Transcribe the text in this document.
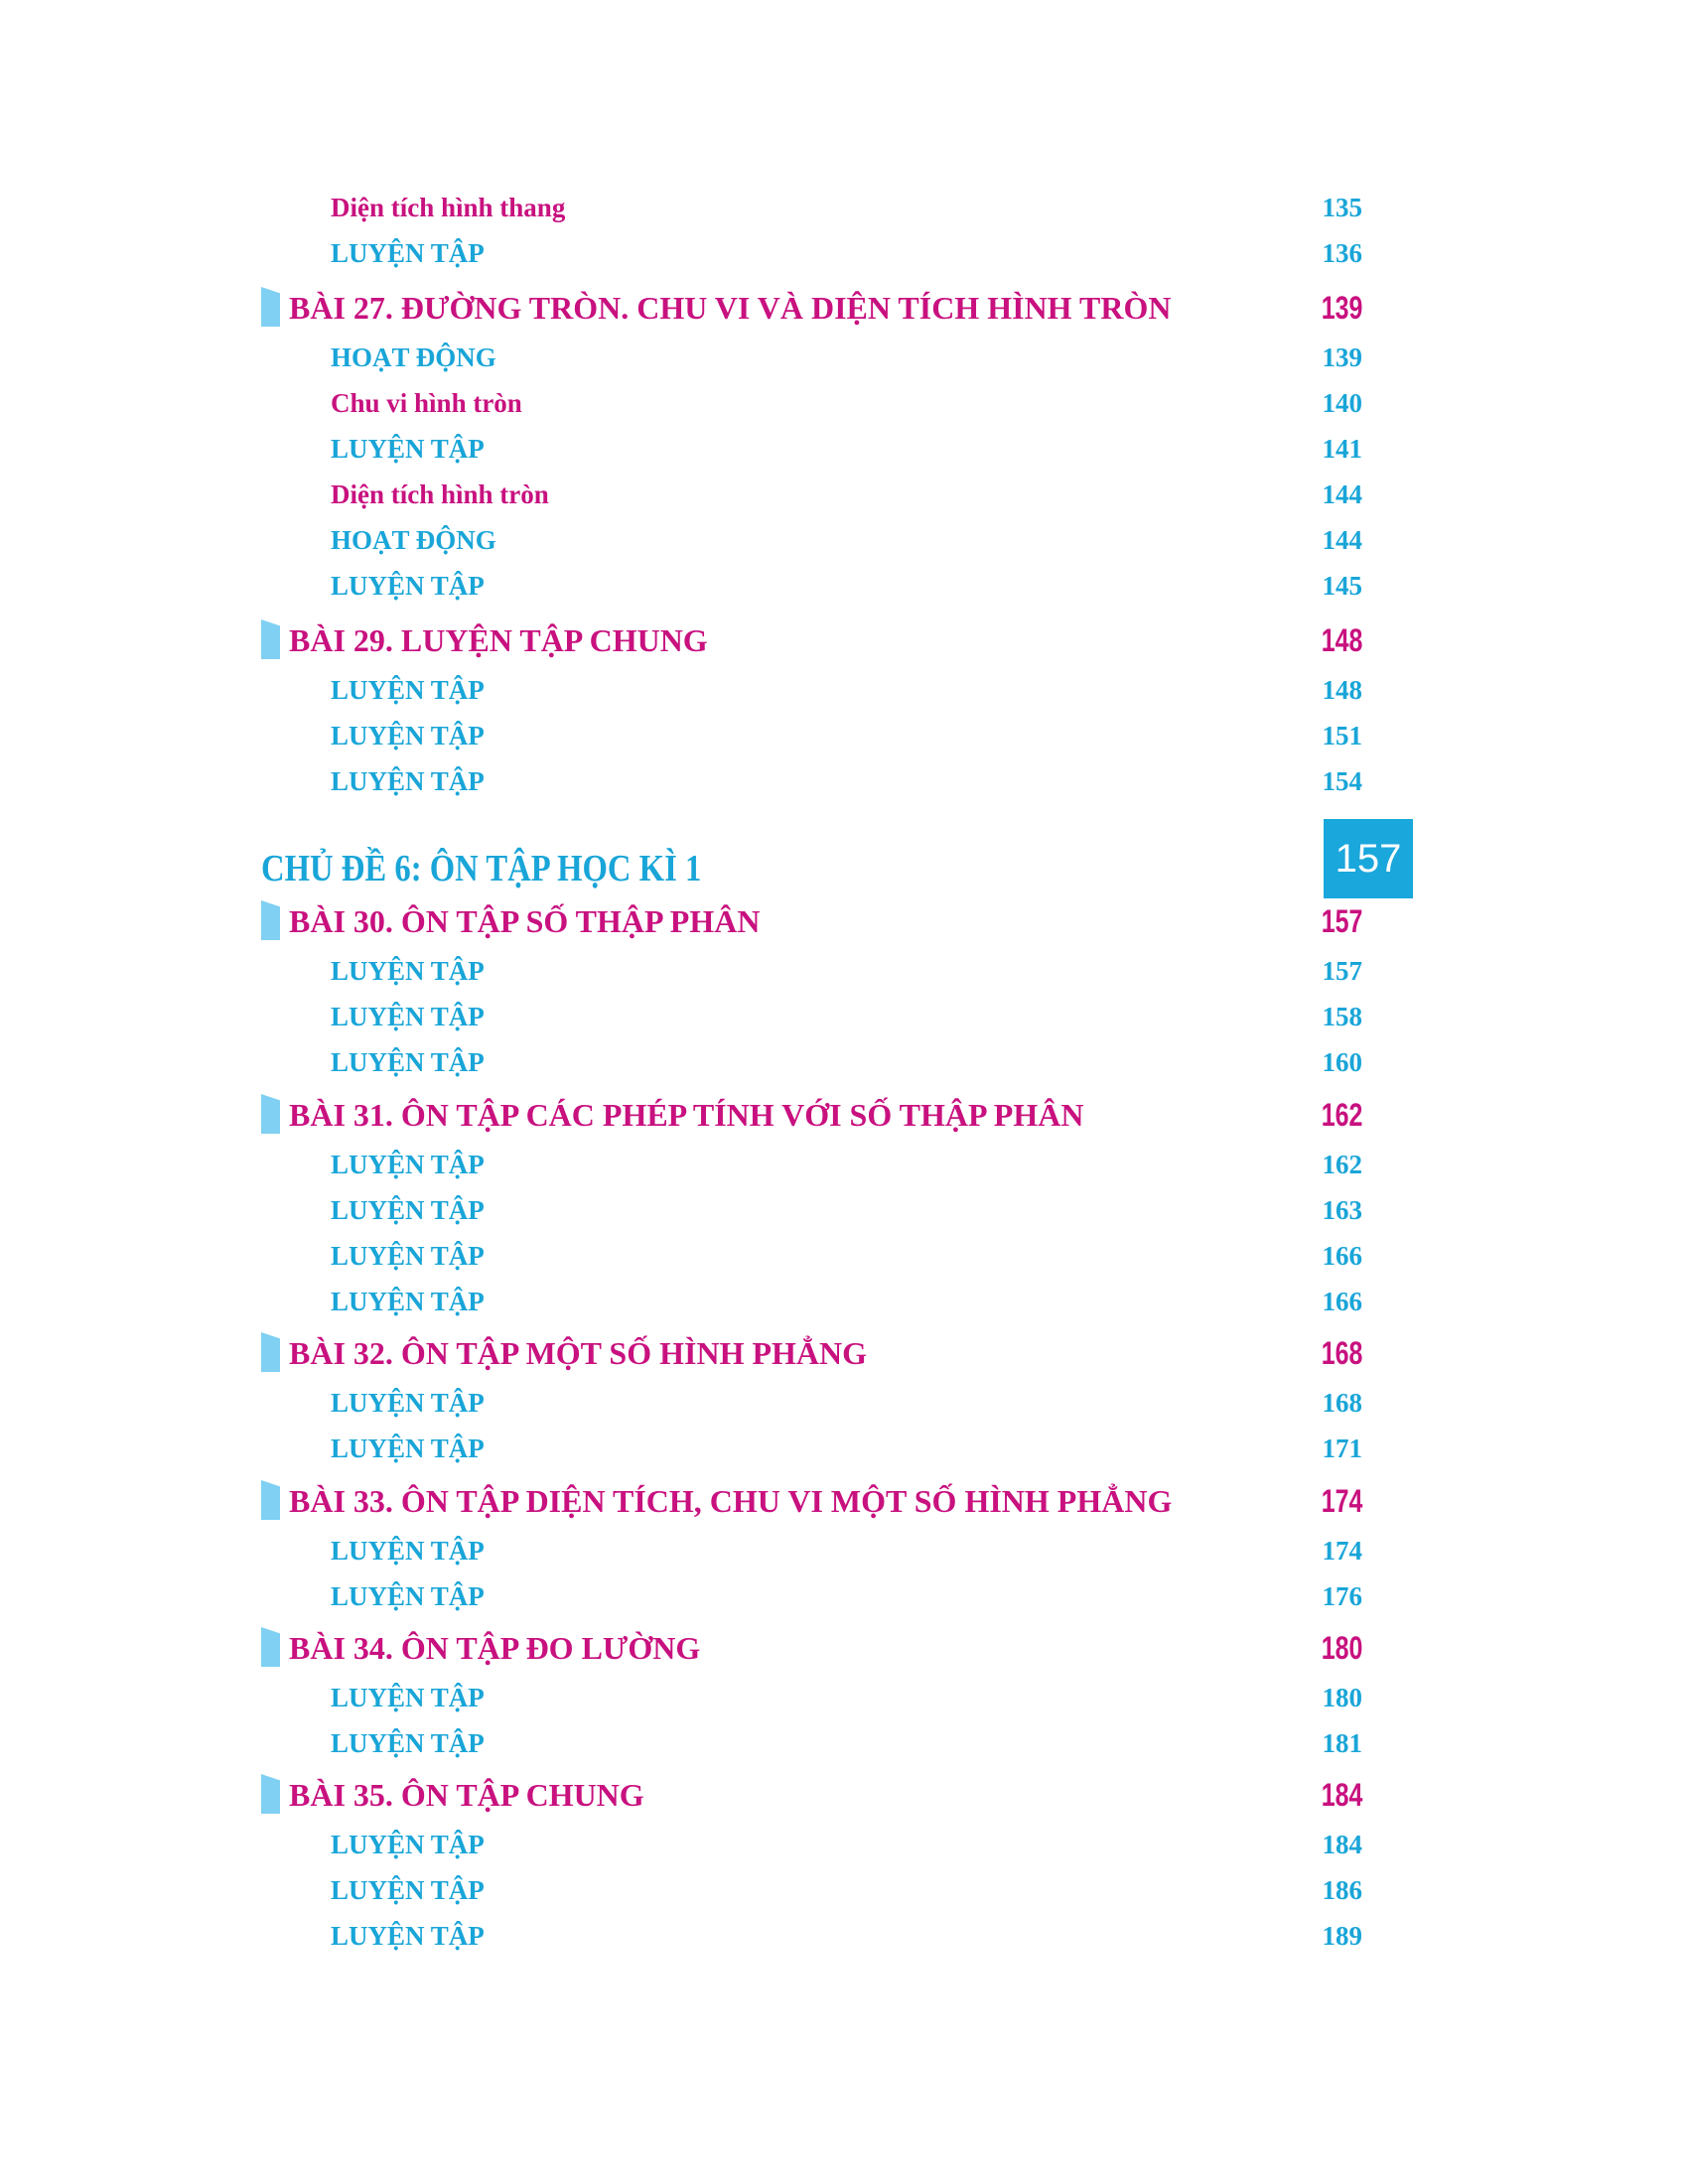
Diện tích hình thang	135
LUYỆN TẬP	136
BÀI 27. ĐƯỜNG TRÒN. CHU VI VÀ DIỆN TÍCH HÌNH TRÒN	139
HOẠT ĐỘNG	139
Chu vi hình tròn	140
LUYỆN TẬP	141
Diện tích hình tròn	144
HOẠT ĐỘNG	144
LUYỆN TẬP	145
BÀI 29. LUYỆN TẬP CHUNG	148
LUYỆN TẬP	148
LUYỆN TẬP	151
LUYỆN TẬP	154
CHỦ ĐỀ 6: ÔN TẬP HỌC KÌ 1	157
BÀI 30. ÔN TẬP SỐ THẬP PHÂN	157
LUYỆN TẬP	157
LUYỆN TẬP	158
LUYỆN TẬP	160
BÀI 31. ÔN TẬP CÁC PHÉP TÍNH VỚI SỐ THẬP PHÂN	162
LUYỆN TẬP	162
LUYỆN TẬP	163
LUYỆN TẬP	166
LUYỆN TẬP	166
BÀI 32. ÔN TẬP MỘT SỐ HÌNH PHẲNG	168
LUYỆN TẬP	168
LUYỆN TẬP	171
BÀI 33. ÔN TẬP DIỆN TÍCH, CHU VI MỘT SỐ HÌNH PHẲNG	174
LUYỆN TẬP	174
LUYỆN TẬP	176
BÀI 34. ÔN TẬP ĐO LƯỜNG	180
LUYỆN TẬP	180
LUYỆN TẬP	181
BÀI 35. ÔN TẬP CHUNG	184
LUYỆN TẬP	184
LUYỆN TẬP	186
LUYỆN TẬP	189
